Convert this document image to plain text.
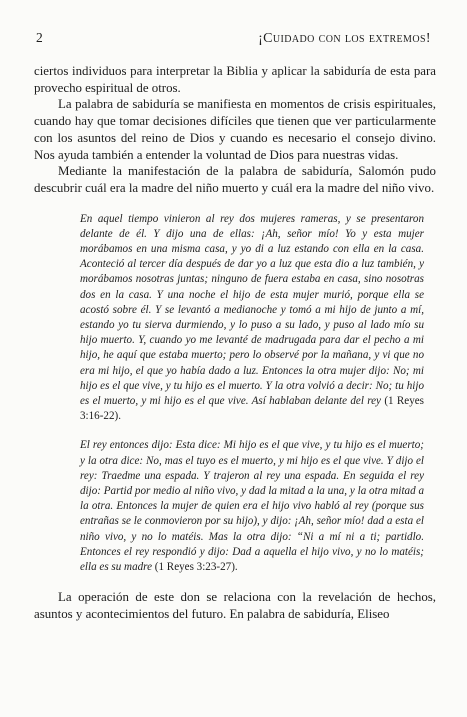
2	¡Cuidado con los extremos!

ciertos individuos para interpretar la Biblia y aplicar la sabiduría de esta para provecho espiritual de otros.

La palabra de sabiduría se manifiesta en momentos de crisis espirituales, cuando hay que tomar decisiones difíciles que tienen que ver particularmente con los asuntos del reino de Dios y cuando es necesario el consejo divino. Nos ayuda también a entender la voluntad de Dios para nuestras vidas.

Mediante la manifestación de la palabra de sabiduría, Salomón pudo descubrir cuál era la madre del niño muerto y cuál era la madre del niño vivo.

En aquel tiempo vinieron al rey dos mujeres rameras, y se presentaron delante de él. Y dijo una de ellas: ¡Ah, señor mío! Yo y esta mujer morábamos en una misma casa, y yo di a luz estando con ella en la casa. Aconteció al tercer día después de dar yo a luz que esta dio a luz también, y morábamos nosotras juntas; ninguno de fuera estaba en casa, sino nosotras dos en la casa. Y una noche el hijo de esta mujer murió, porque ella se acostó sobre él. Y se levantó a medianoche y tomó a mi hijo de junto a mí, estando yo tu sierva durmiendo, y lo puso a su lado, y puso al lado mío su hijo muerto. Y, cuando yo me levanté de madrugada para dar el pecho a mi hijo, he aquí que estaba muerto; pero lo observé por la mañana, y vi que no era mi hijo, el que yo había dado a luz. Entonces la otra mujer dijo: No; mi hijo es el que vive, y tu hijo es el muerto. Y la otra volvió a decir: No; tu hijo es el muerto, y mi hijo es el que vive. Así hablaban delante del rey (1 Reyes 3:16-22).

El rey entonces dijo: Esta dice: Mi hijo es el que vive, y tu hijo es el muerto; y la otra dice: No, mas el tuyo es el muerto, y mi hijo es el que vive. Y dijo el rey: Traedme una espada. Y trajeron al rey una espada. En seguida el rey dijo: Partid por medio al niño vivo, y dad la mitad a la una, y la otra mitad a la otra. Entonces la mujer de quien era el hijo vivo habló al rey (porque sus entrañas se le conmovieron por su hijo), y dijo: ¡Ah, señor mío! dad a esta el niño vivo, y no lo matéis. Mas la otra dijo: “Ni a mí ni a ti; partidlo. Entonces el rey respondió y dijo: Dad a aquella el hijo vivo, y no lo matéis; ella es su madre (1 Reyes 3:23-27).

La operación de este don se relaciona con la revelación de hechos, asuntos y acontecimientos del futuro. En palabra de sabiduría, Eliseo
